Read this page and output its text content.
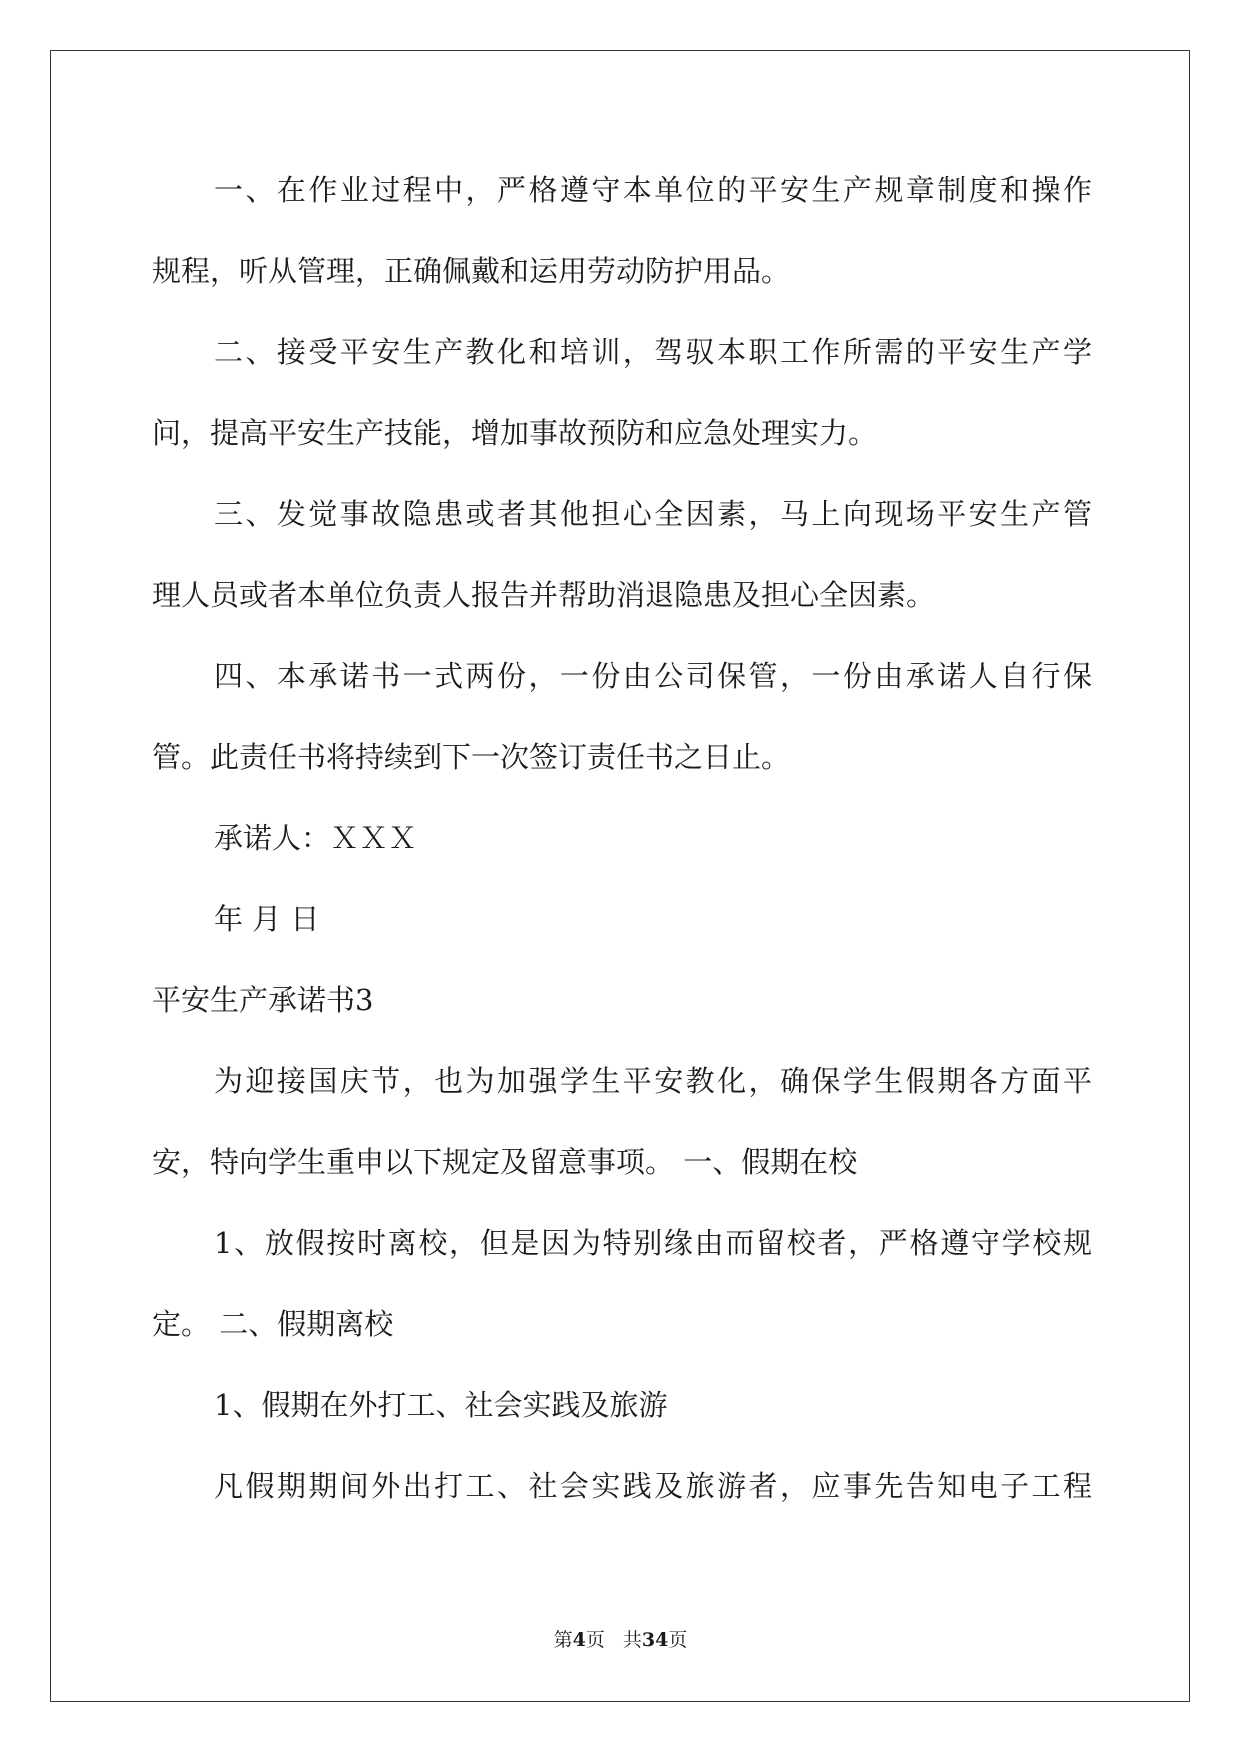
一、在作业过程中，严格遵守本单位的平安生产规章制度和操作
规程，听从管理，正确佩戴和运用劳动防护用品。
二、接受平安生产教化和培训，驾驭本职工作所需的平安生产学
问，提高平安生产技能，增加事故预防和应急处理实力。
三、发觉事故隐患或者其他担心全因素，马上向现场平安生产管
理人员或者本单位负责人报告并帮助消退隐患及担心全因素。
四、本承诺书一式两份，一份由公司保管，一份由承诺人自行保
管。此责任书将持续到下一次签订责任书之日止。
承诺人：ＸＸＸ
年 月 日
平安生产承诺书3
为迎接国庆节，也为加强学生平安教化，确保学生假期各方面平
安，特向学生重申以下规定及留意事项。 一、假期在校
1、放假按时离校，但是因为特别缘由而留校者，严格遵守学校规
定。 二、假期离校
1、假期在外打工、社会实践及旅游
凡假期期间外出打工、社会实践及旅游者，应事先告知电子工程
第4页 共34页
